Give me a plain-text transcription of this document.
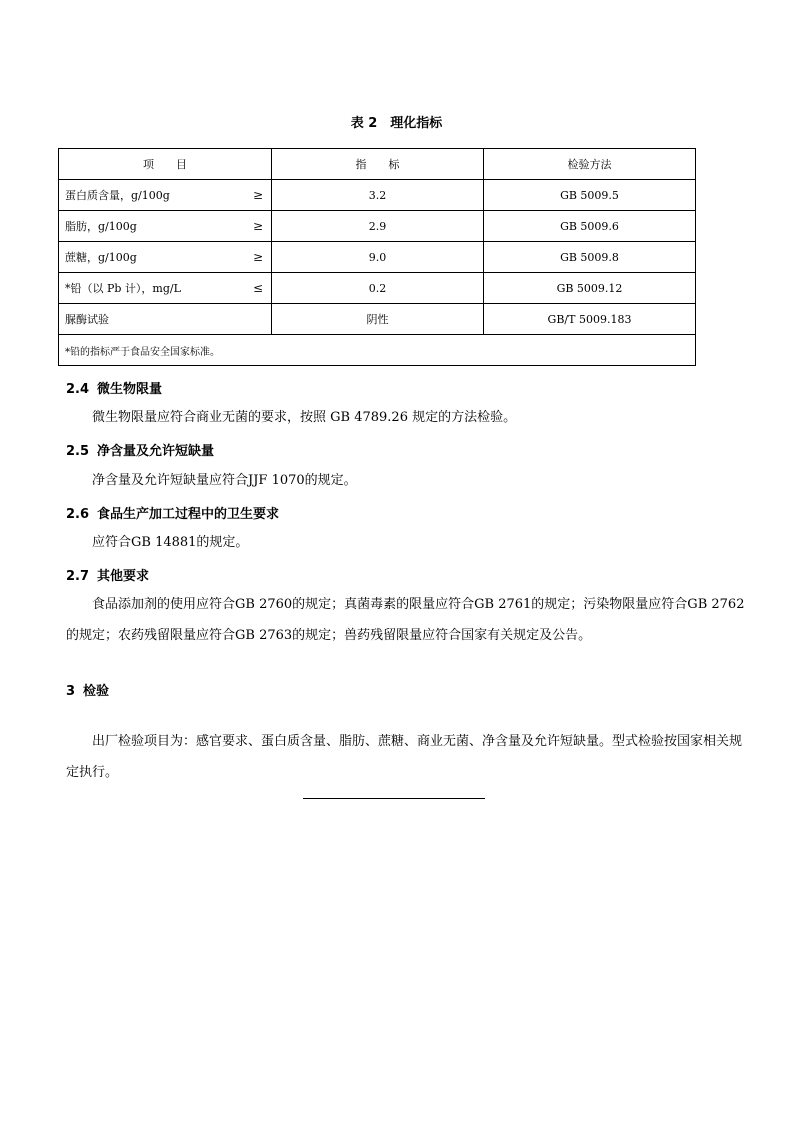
表 2　理化指标
项　　目	指　　标	检验方法
蛋白质含量，g/100g ≥	3.2	GB 5009.5
脂肪，g/100g ≥	2.9	GB 5009.6
蔗糖，g/100g ≥	9.0	GB 5009.8
*铅（以 Pb 计），mg/L ≤	0.2	GB 5009.12
脲酶试验	阴性	GB/T 5009.183
*铅的指标严于食品安全国家标准。		
2.4 微生物限量
微生物限量应符合商业无菌的要求，按照 GB 4789.26 规定的方法检验。
2.5 净含量及允许短缺量
净含量及允许短缺量应符合JJF 1070的规定。
2.6 食品生产加工过程中的卫生要求
应符合GB 14881的规定。
2.7 其他要求
食品添加剂的使用应符合GB 2760的规定；真菌毒素的限量应符合GB 2761的规定；污染物限量应符合GB 2762的规定；农药残留限量应符合GB 2763的规定；兽药残留限量应符合国家有关规定及公告。
3 检验
出厂检验项目为：感官要求、蛋白质含量、脂肪、蔗糖、商业无菌、净含量及允许短缺量。型式检验按国家相关规定执行。
